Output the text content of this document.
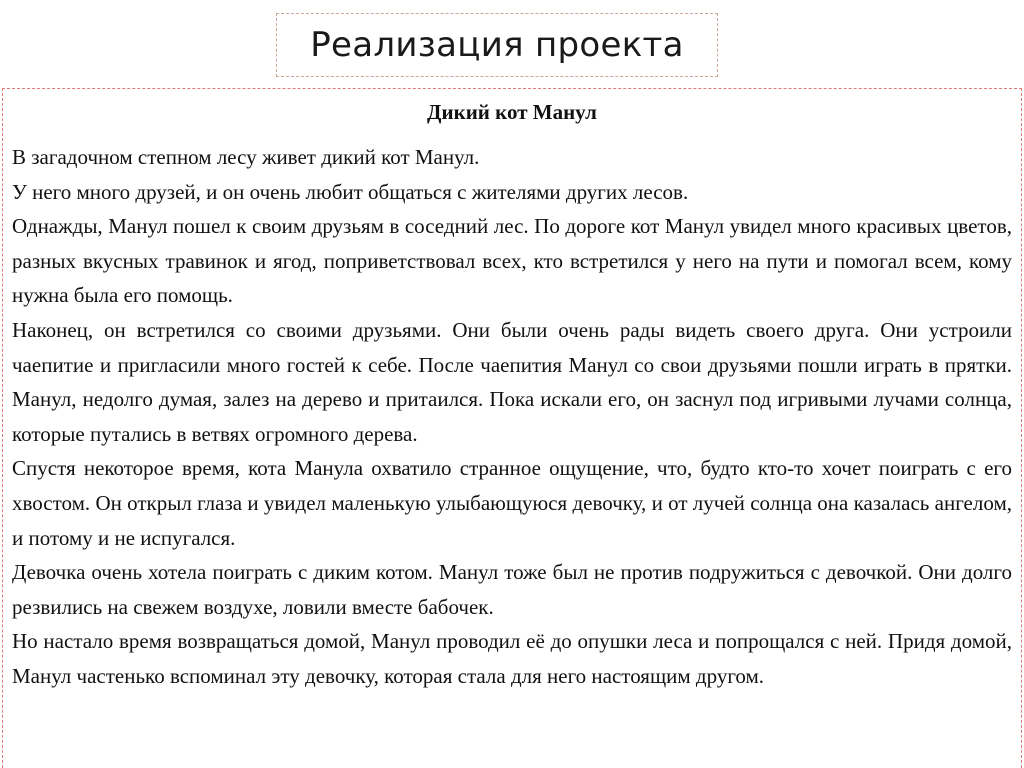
Реализация проекта
Дикий кот Манул

В загадочном степном лесу живет дикий кот Манул.

У него много друзей, и он очень любит общаться с жителями других лесов.

Однажды, Манул пошел к своим друзьям в соседний лес. По дороге кот Манул увидел много красивых цветов, разных вкусных травинок и ягод, поприветствовал всех, кто встретился у него на пути и помогал всем, кому нужна была его помощь.

Наконец, он встретился со своими друзьями. Они были очень рады видеть своего друга. Они устроили чаепитие и пригласили много гостей к себе. После чаепития Манул со свои друзьями пошли играть в прятки. Манул, недолго думая, залез на дерево и притаился. Пока искали его, он заснул под игривыми лучами солнца, которые путались в ветвях огромного дерева.

Спустя некоторое время, кота Манула охватило странное ощущение, что, будто кто-то хочет поиграть с его хвостом. Он открыл глаза и увидел маленькую улыбающуюся девочку, и от лучей солнца она казалась ангелом, и потому и не испугался.

Девочка очень хотела поиграть с диким котом. Манул тоже был не против подружиться с девочкой. Они долго резвились на свежем воздухе, ловили вместе бабочек.

Но настало время возвращаться домой, Манул проводил её до опушки леса и попрощался с ней. Придя домой, Манул частенько вспоминал эту девочку, которая стала для него настоящим другом.
